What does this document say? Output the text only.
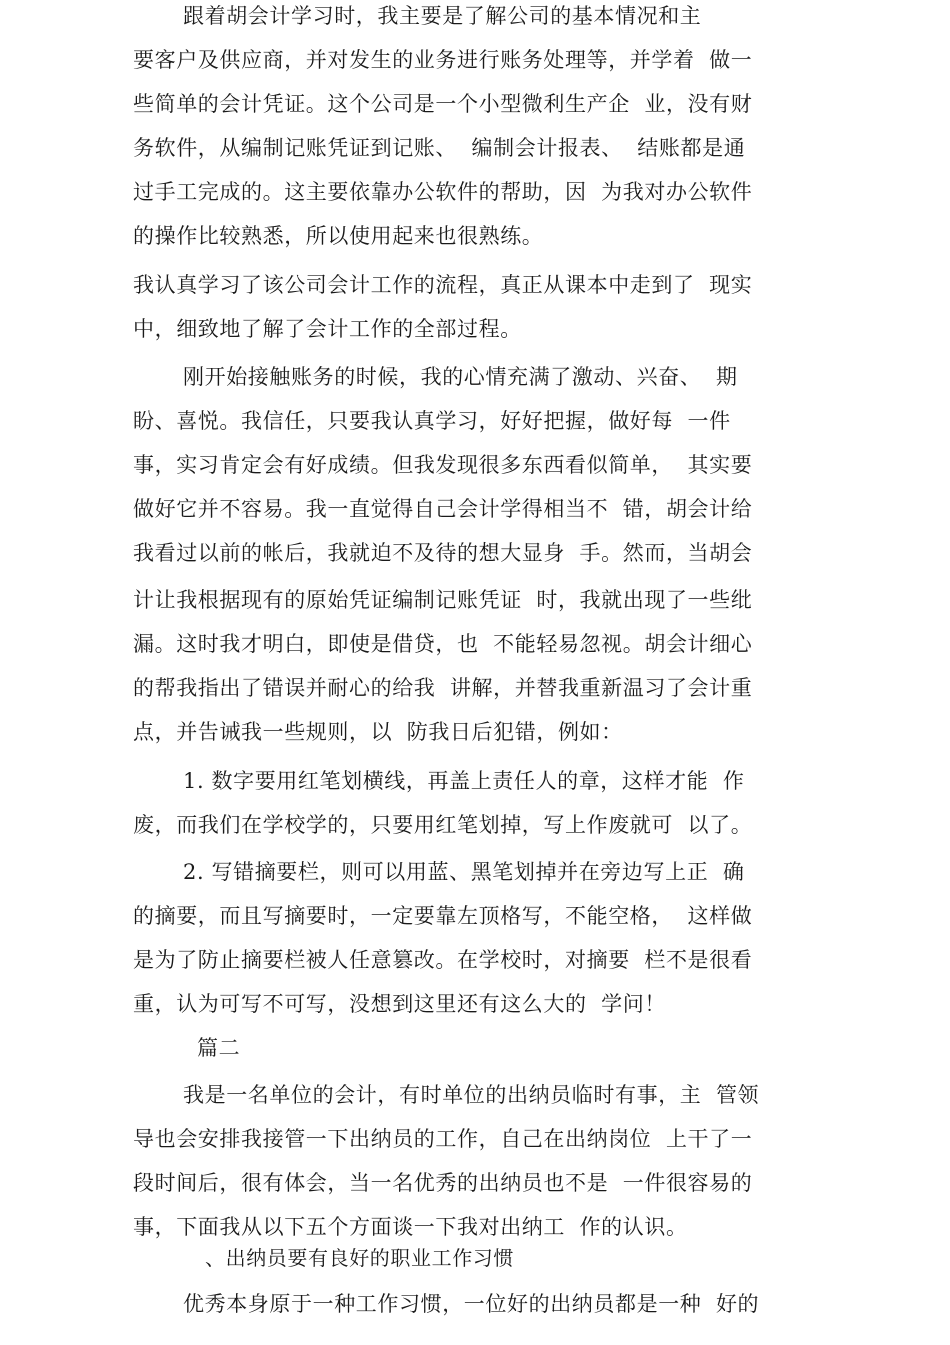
跟着胡会计学习时，我主要是了解公司的基本情况和主
要客户及供应商，并对发生的业务进行账务处理等，并学着  做一
些简单的会计凭证。这个公司是一个小型微利生产企  业，没有财
务软件，从编制记账凭证到记账、  编制会计报表、  结账都是通
过手工完成的。这主要依靠办公软件的帮助，因  为我对办公软件
的操作比较熟悉，所以使用起来也很熟练。
我认真学习了该公司会计工作的流程，真正从课本中走到了  现实
中，细致地了解了会计工作的全部过程。
刚开始接触账务的时候，我的心情充满了激动、兴奋、  期
盼、喜悦。我信任，只要我认真学习，好好把握，做好每  一件
事，实习肯定会有好成绩。但我发现很多东西看似简单，  其实要
做好它并不容易。我一直觉得自己会计学得相当不  错，胡会计给
我看过以前的帐后，我就迫不及待的想大显身  手。然而，当胡会
计让我根据现有的原始凭证编制记账凭证  时，我就出现了一些纰
漏。这时我才明白，即使是借贷，也  不能轻易忽视。胡会计细心
的帮我指出了错误并耐心的给我  讲解，并替我重新温习了会计重
点，并告诫我一些规则，以  防我日后犯错，例如：
1. 数字要用红笔划横线，再盖上责任人的章，这样才能  作
废，而我们在学校学的，只要用红笔划掉，写上作废就可  以了。
2. 写错摘要栏，则可以用蓝、黑笔划掉并在旁边写上正  确
的摘要，而且写摘要时，一定要靠左顶格写，不能空格，  这样做
是为了防止摘要栏被人任意篡改。在学校时，对摘要  栏不是很看
重，认为可写不可写，没想到这里还有这么大的  学问！
篇二
我是一名单位的会计，有时单位的出纳员临时有事，主  管领
导也会安排我接管一下出纳员的工作，自己在出纳岗位  上干了一
段时间后，很有体会，当一名优秀的出纳员也不是  一件很容易的
事，下面我从以下五个方面谈一下我对出纳工  作的认识。
、出纳员要有良好的职业工作习惯
优秀本身原于一种工作习惯，一位好的出纳员都是一种  好的
